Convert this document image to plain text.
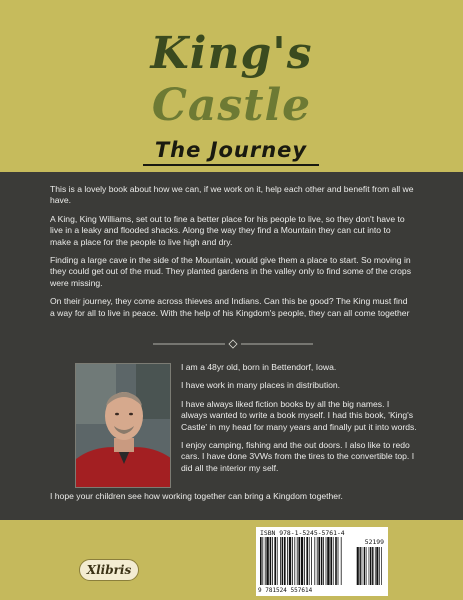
King's
Castle
The Journey

This is a lovely book about how we can, if we work on it, help each other and benefit from all we have.

A King, King Williams, set out to fine a better place for his people to live, so they don't have to live in a leaky and flooded shacks. Along the way they find a Mountain they can cut into to make a place for the people to live high and dry.

Finding a large cave in the side of the Mountain, would give them a place to start. So moving in they could get out of the mud. They planted gardens in the valley only to find some of the crops were missing.

On their journey, they come across thieves and Indians. Can this be good? The King must find a way for all to live in peace. With the help of his Kingdom's people, they can all come together

I am a 48yr old, born in Bettendorf, Iowa.

I have work in many places in distribution.

I have always liked fiction books by all the big names. I always wanted to write a book myself. I had this book, 'King's Castle' in my head for many years and finally put it into words.

I enjoy camping, fishing and the out doors. I also like to redo cars. I have done 3VWs from the tires to the convertible top. I did all the interior my self.

I hope your children see how working together can bring a Kingdom together.

Xlibris
ISBN 978-1-5245-5761-4
52199
9 781524 557614
